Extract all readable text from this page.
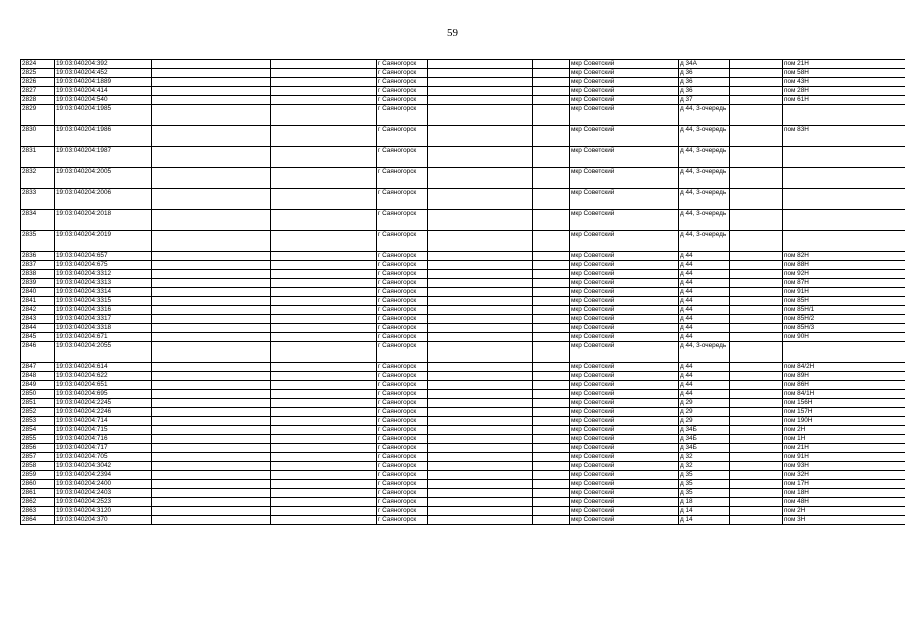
59
2824	19:03:040204:392			г Саяногорск			мкр Советский	д 34А		пом 21Н
2825	19:03:040204:452			г Саяногорск			мкр Советский	д 36		пом 58Н
2826	19:03:040204:1889			г Саяногорск			мкр Советский	д 36		пом 43Н
2827	19:03:040204:414			г Саяногорск			мкр Советский	д 36		пом 28Н
2828	19:03:040204:540			г Саяногорск			мкр Советский	д 37		пом 61Н
2829	19:03:040204:1985			г Саяногорск			мкр Советский	д 44, 3-очередь		
2830	19:03:040204:1986			г Саяногорск			мкр Советский	д 44, 3-очередь		пом 83Н
2831	19:03:040204:1987			г Саяногорск			мкр Советский	д 44, 3-очередь		
2832	19:03:040204:2005			г Саяногорск			мкр Советский	д 44, 3-очередь		
2833	19:03:040204:2006			г Саяногорск			мкр Советский	д 44, 3-очередь		
2834	19:03:040204:2018			г Саяногорск			мкр Советский	д 44, 3-очередь		
2835	19:03:040204:2019			г Саяногорск			мкр Советский	д 44, 3-очередь		
2836	19:03:040204:657			г Саяногорск			мкр Советский	д 44		пом 82Н
2837	19:03:040204:675			г Саяногорск			мкр Советский	д 44		пом 88Н
2838	19:03:040204:3312			г Саяногорск			мкр Советский	д 44		пом 92Н
2839	19:03:040204:3313			г Саяногорск			мкр Советский	д 44		пом 87Н
2840	19:03:040204:3314			г Саяногорск			мкр Советский	д 44		пом 91Н
2841	19:03:040204:3315			г Саяногорск			мкр Советский	д 44		пом 85Н
2842	19:03:040204:3316			г Саяногорск			мкр Советский	д 44		пом 85Н/1
2843	19:03:040204:3317			г Саяногорск			мкр Советский	д 44		пом 85Н/2
2844	19:03:040204:3318			г Саяногорск			мкр Советский	д 44		пом 85Н/3
2845	19:03:040204:671			г Саяногорск			мкр Советский	д 44		пом 90Н
2846	19:03:040204:2055			г Саяногорск			мкр Советский	д 44, 3-очередь		
2847	19:03:040204:614			г Саяногорск			мкр Советский	д 44		пом 84/2Н
2848	19:03:040204:622			г Саяногорск			мкр Советский	д 44		пом 89Н
2849	19:03:040204:651			г Саяногорск			мкр Советский	д 44		пом 86Н
2850	19:03:040204:695			г Саяногорск			мкр Советский	д 44		пом 84/1Н
2851	19:03:040204:2245			г Саяногорск			мкр Советский	д 29		пом 156Н
2852	19:03:040204:2246			г Саяногорск			мкр Советский	д 29		пом 157Н
2853	19:03:040204:714			г Саяногорск			мкр Советский	д 29		пом 190Н
2854	19:03:040204:715			г Саяногорск			мкр Советский	д 34Б		пом 2Н
2855	19:03:040204:716			г Саяногорск			мкр Советский	д 34Б		пом 1Н
2856	19:03:040204:717			г Саяногорск			мкр Советский	д 34Б		пом 21Н
2857	19:03:040204:705			г Саяногорск			мкр Советский	д 32		пом 91Н
2858	19:03:040204:3042			г Саяногорск			мкр Советский	д 32		пом 93Н
2859	19:03:040204:2394			г Саяногорск			мкр Советский	д 35		пом 32Н
2860	19:03:040204:2400			г Саяногорск			мкр Советский	д 35		пом 17Н
2861	19:03:040204:2403			г Саяногорск			мкр Советский	д 35		пом 18Н
2862	19:03:040204:2523			г Саяногорск			мкр Советский	д 18		пом 48Н
2863	19:03:040204:3120			г Саяногорск			мкр Советский	д 14		пом 2Н
2864	19:03:040204:370			г Саяногорск			мкр Советский	д 14		пом 3Н
